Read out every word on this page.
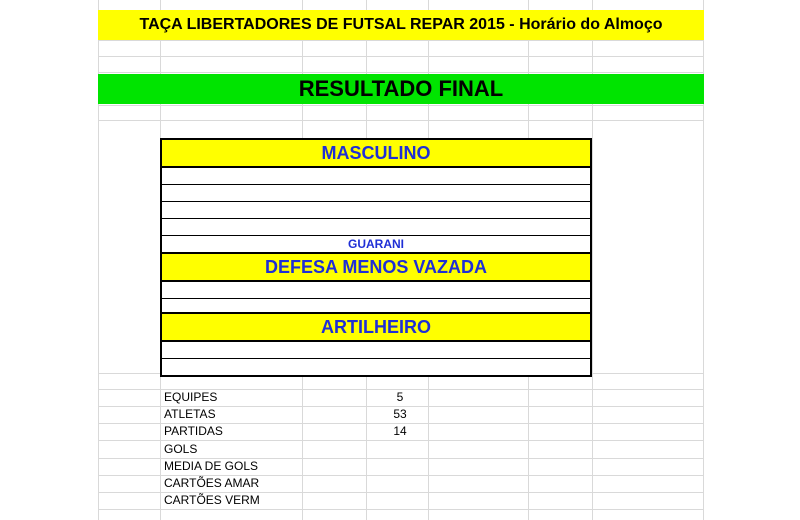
TAÇA LIBERTADORES DE FUTSAL REPAR 2015 - Horário do Almoço
RESULTADO FINAL
MASCULINO
GUARANI
DEFESA MENOS VAZADA
ARTILHEIRO
EQUIPES	5
ATLETAS	53
PARTIDAS	14
GOLS
MEDIA DE GOLS
CARTÕES AMAR
CARTÕES VERM
